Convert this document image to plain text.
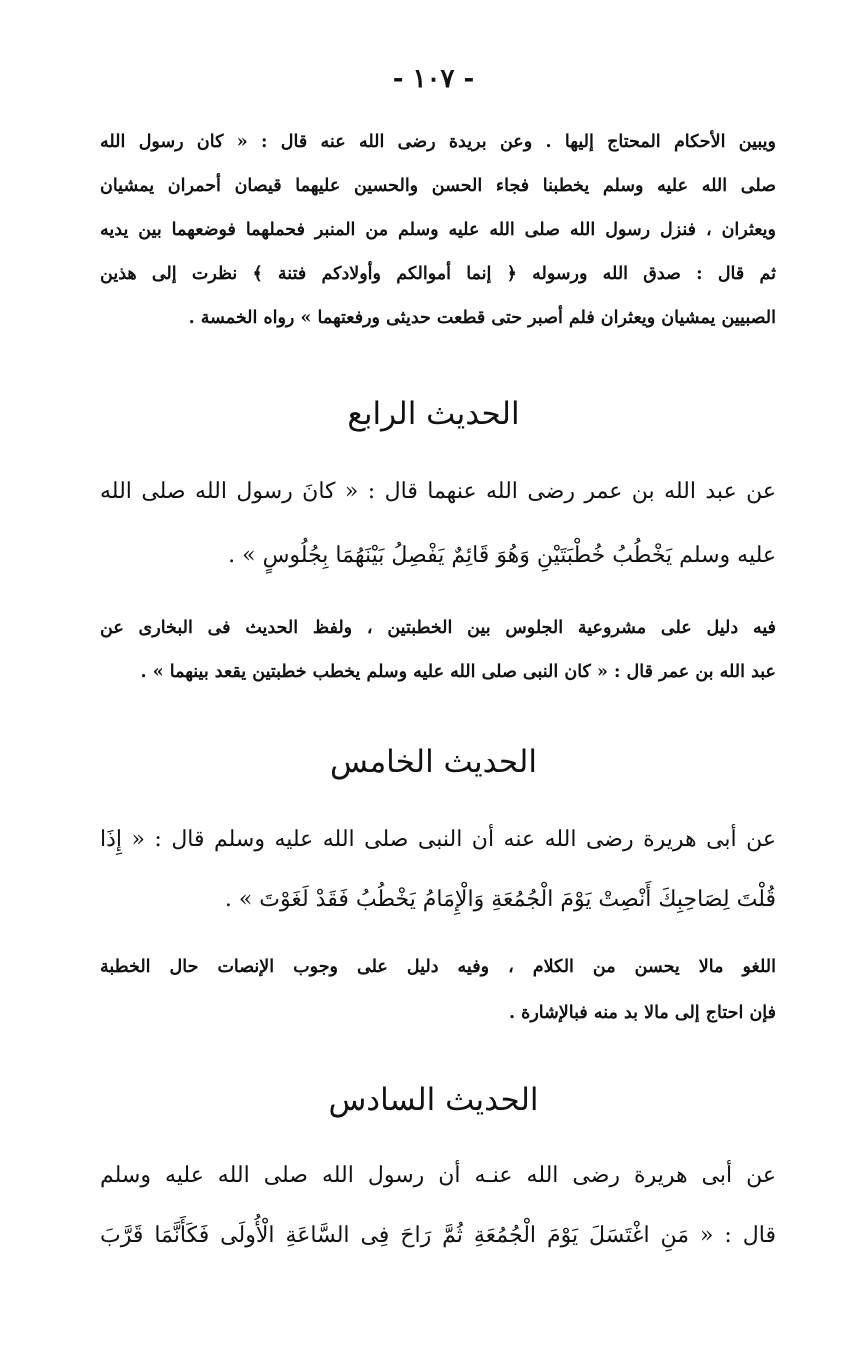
- ١٠٧ -
ويبين الأحكام المحتاج إليها . وعن بريدة رضى الله عنه قال : « كان رسول الله
صلى الله عليه وسلم يخطبنا فجاء الحسن والحسين عليهما قيصان أحمران يمشيان
ويعثران ، فنزل رسول الله صلى الله عليه وسلم من المنبر فحملهما فوضعهما بين يديه
ثم قال : صدق الله ورسوله ﴿ إنما أموالكم وأولادكم فتنة ﴾ نظرت إلى هذين
الصبيين يمشيان ويعثران فلم أصبر حتى قطعت حديثى ورفعتهما » رواه الخمسة .
الحديث الرابع
عن عبد الله بن عمر رضى الله عنهما قال : « كانَ رسول الله صلى الله
عليه وسلم يَخْطُبُ خُطْبَتَيْنِ وَهُوَ قَائِمٌ يَفْصِلُ بَيْنَهُمَا بِجُلُوسٍ » .
فيه دليل على مشروعية الجلوس بين الخطبتين ، ولفظ الحديث فى البخارى عن
عبد الله بن عمر قال : « كان النبى صلى الله عليه وسلم يخطب خطبتين يقعد بينهما » .
الحديث الخامس
عن أبى هريرة رضى الله عنه أن النبى صلى الله عليه وسلم قال : « إِذَا
قُلْتَ لِصَاحِبِكَ أَنْصِتْ يَوْمَ الْجُمُعَةِ وَالْإِمَامُ يَخْطُبُ فَقَدْ لَغَوْتَ » .
اللغو مالا يحسن من الكلام ، وفيه دليل على وجوب الإنصات حال الخطبة
فإن احتاج إلى مالا بد منه فبالإشارة .
الحديث السادس
عن أبى هريرة رضى الله عنـه أن رسول الله صلى الله عليه وسلم
قال : « مَنِ اغْتَسَلَ يَوْمَ الْجُمُعَةِ ثُمَّ رَاحَ فِى السَّاعَةِ الْأُولَى فَكَأَنَّمَا قَرَّبَ
